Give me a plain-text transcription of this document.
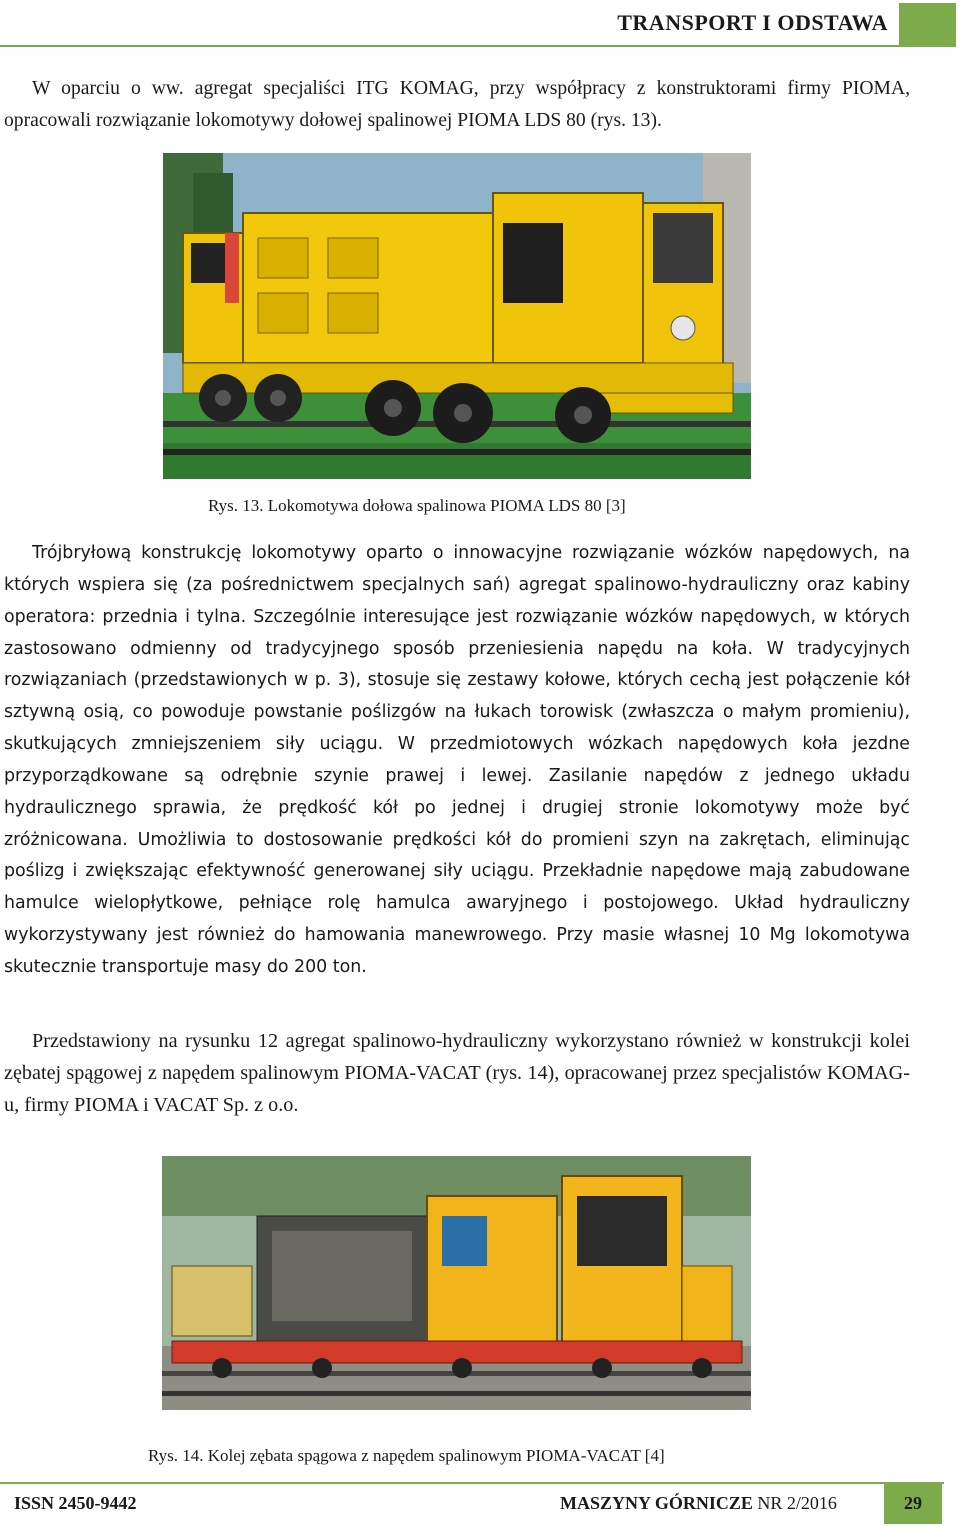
TRANSPORT I ODSTAWA

W oparciu o ww. agregat specjaliści ITG KOMAG, przy współpracy z konstruktorami firmy PIOMA, opracowali rozwiązanie lokomotywy dołowej spalinowej PIOMA LDS 80 (rys. 13).

Rys. 13. Lokomotywa dołowa spalinowa PIOMA LDS 80 [3]

Trójbryłową konstrukcję lokomotywy oparto o innowacyjne rozwiązanie wózków napędowych, na których wspiera się (za pośrednictwem specjalnych sań) agregat spalinowo-hydrauliczny oraz kabiny operatora: przednia i tylna. Szczególnie interesujące jest rozwiązanie wózków napędowych, w których zastosowano odmienny od tradycyjnego sposób przeniesienia napędu na koła. W tradycyjnych rozwiązaniach (przedstawionych w p. 3), stosuje się zestawy kołowe, których cechą jest połączenie kół sztywną osią, co powoduje powstanie poślizgów na łukach torowisk (zwłaszcza o małym promieniu), skutkujących zmniejszeniem siły uciągu. W przedmiotowych wózkach napędowych koła jezdne przyporządkowane są odrębnie szynie prawej i lewej. Zasilanie napędów z jednego układu hydraulicznego sprawia, że prędkość kół po jednej i drugiej stronie lokomotywy może być zróżnicowana. Umożliwia to dostosowanie prędkości kół do promieni szyn na zakrętach, eliminując poślizg i zwiększając efektywność generowanej siły uciągu. Przekładnie napędowe mają zabudowane hamulce wielopłytkowe, pełniące rolę hamulca awaryjnego i postojowego. Układ hydrauliczny wykorzystywany jest również do hamowania manewrowego. Przy masie własnej 10 Mg lokomotywa skutecznie transportuje masy do 200 ton.

Przedstawiony na rysunku 12 agregat spalinowo-hydrauliczny wykorzystano również w konstrukcji kolei zębatej spągowej z napędem spalinowym PIOMA-VACAT (rys. 14), opracowanej przez specjalistów KOMAG-u, firmy PIOMA i VACAT Sp. z o.o.

Rys. 14. Kolej zębata spągowa z napędem spalinowym PIOMA-VACAT [4]
ISSN 2450-9442	MASZYNY GÓRNICZE NR 2/2016	29
